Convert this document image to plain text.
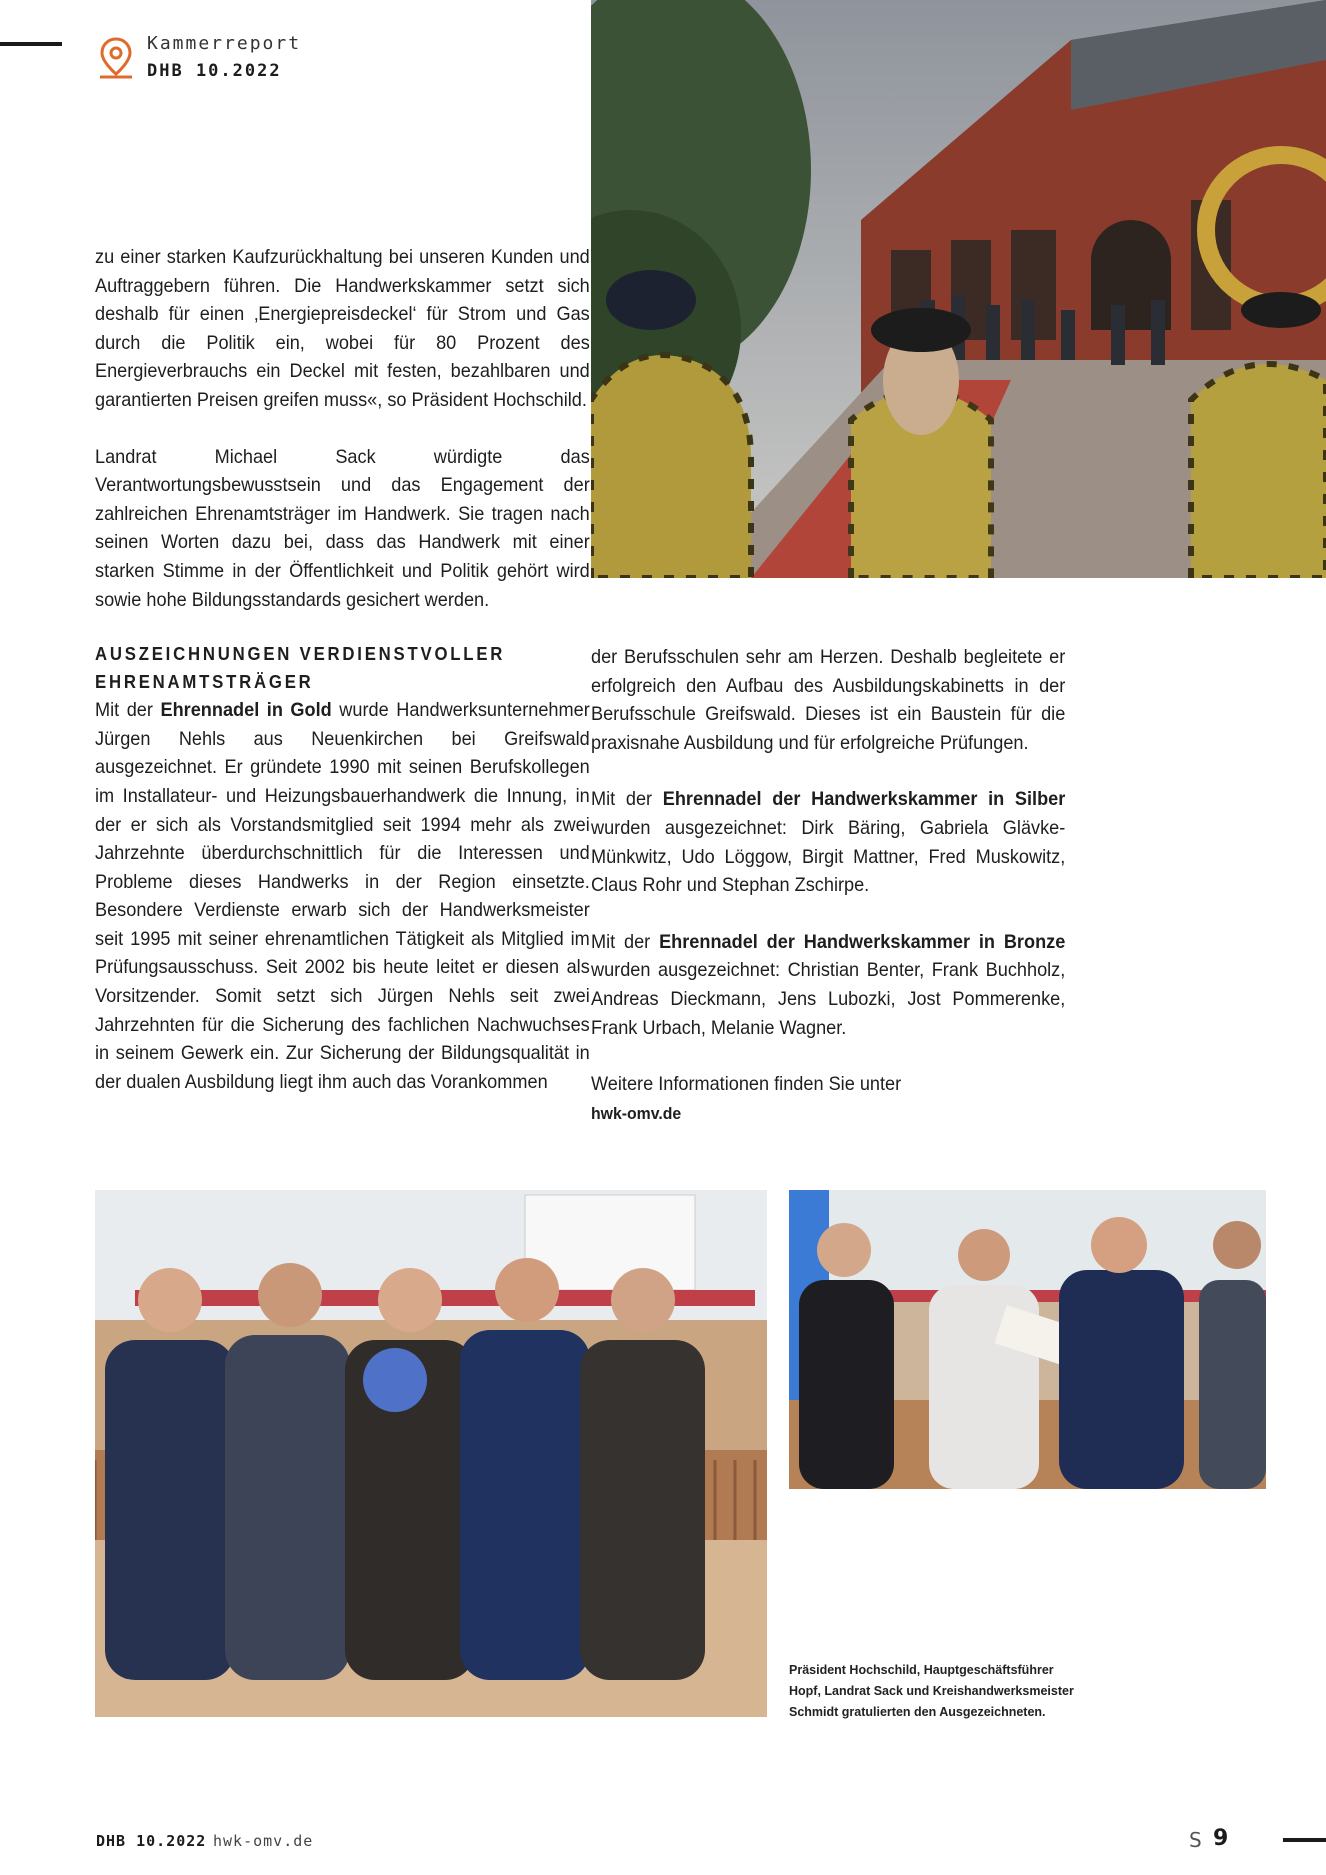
Kammerreport
DHB 10.2022

zu einer starken Kaufzurückhaltung bei unseren Kunden und Auftraggebern führen. Die Handwerkskammer setzt sich deshalb für einen ‚Energiepreisdeckel‘ für Strom und Gas durch die Politik ein, wobei für 80 Prozent des Energieverbrauchs ein Deckel mit festen, bezahlbaren und garantierten Preisen greifen muss«, so Präsident Hochschild.

Landrat Michael Sack würdigte das Verantwortungsbewusstsein und das Engagement der zahlreichen Ehrenamtsträger im Handwerk. Sie tragen nach seinen Worten dazu bei, dass das Handwerk mit einer starken Stimme in der Öffentlichkeit und Politik gehört wird sowie hohe Bildungsstandards gesichert werden.

AUSZEICHNUNGEN VERDIENSTVOLLER
EHRENAMTSTRÄGER

Mit der Ehrennadel in Gold wurde Handwerksunternehmer Jürgen Nehls aus Neuenkirchen bei Greifswald ausgezeichnet. Er gründete 1990 mit seinen Berufskollegen im Installateur- und Heizungsbauerhandwerk die Innung, in der er sich als Vorstandsmitglied seit 1994 mehr als zwei Jahrzehnte überdurchschnittlich für die Interessen und Probleme dieses Handwerks in der Region einsetzte. Besondere Verdienste erwarb sich der Handwerksmeister seit 1995 mit seiner ehrenamtlichen Tätigkeit als Mitglied im Prüfungsausschuss. Seit 2002 bis heute leitet er diesen als Vorsitzender. Somit setzt sich Jürgen Nehls seit zwei Jahrzehnten für die Sicherung des fachlichen Nachwuchses in seinem Gewerk ein. Zur Sicherung der Bildungsqualität in der dualen Ausbildung liegt ihm auch das Vorankommen

der Berufsschulen sehr am Herzen. Deshalb begleitete er erfolgreich den Aufbau des Ausbildungskabinetts in der Berufsschule Greifswald. Dieses ist ein Baustein für die praxisnahe Ausbildung und für erfolgreiche Prüfungen.

Mit der Ehrennadel der Handwerkskammer in Silber wurden ausgezeichnet: Dirk Bäring, Gabriela Glävke-Münkwitz, Udo Löggow, Birgit Mattner, Fred Muskowitz, Claus Rohr und Stephan Zschirpe.

Mit der Ehrennadel der Handwerkskammer in Bronze wurden ausgezeichnet: Christian Benter, Frank Buchholz, Andreas Dieckmann, Jens Lubozki, Jost Pommerenke, Frank Urbach, Melanie Wagner.

Weitere Informationen finden Sie unter
hwk-omv.de

Präsident Hochschild, Hauptgeschäftsführer Hopf, Landrat Sack und Kreishandwerksmeister Schmidt gratulierten den Ausgezeichneten.
DHB 10.2022 hwk-omv.de	S 9
